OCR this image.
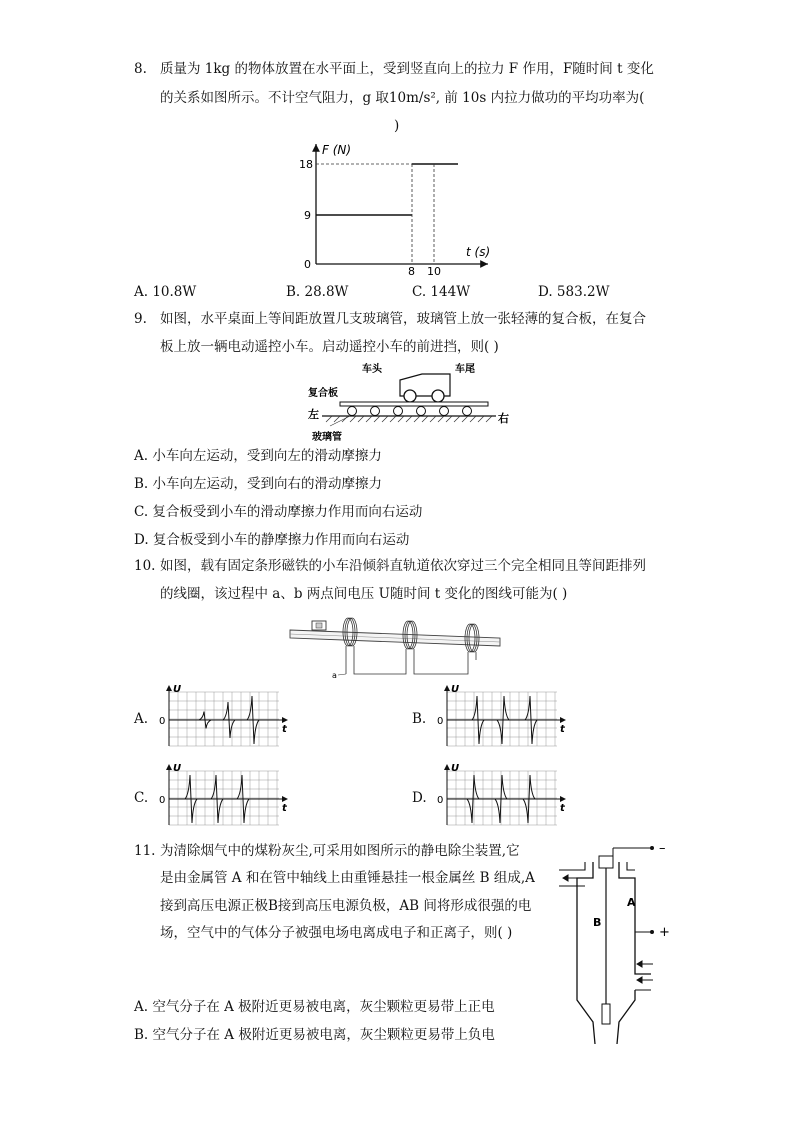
8. 质量为 1kg 的物体放置在水平面上，受到竖直向上的拉力 F 作用，F随时间 t 变化
的关系如图所示。不计空气阻力，g 取10m/s², 前 10s 内拉力做功的平均功率为(
)
F (N)
18
9
0
8 10
t (s)
A. 10.8W	B. 28.8W	C. 144W	D. 583.2W
9. 如图，水平桌面上等间距放置几支玻璃管，玻璃管上放一张轻薄的复合板，在复合
板上放一辆电动遥控小车。启动遥控小车的前进挡，则( )
车头	车尾
复合板
左	右
玻璃管
A. 小车向左运动，受到向左的滑动摩擦力
B. 小车向左运动，受到向右的滑动摩擦力
C. 复合板受到小车的滑动摩擦力作用而向右运动
D. 复合板受到小车的静摩擦力作用而向右运动
10. 如图，载有固定条形磁铁的小车沿倾斜直轨道依次穿过三个完全相同且等间距排列
的线圈，该过程中 a、b 两点间电压 U随时间 t 变化的图线可能为( )
a
A.	B.
C.	D.
U
t
0
U
t
0
U
t
0
U
t
0
11. 为清除烟气中的煤粉灰尘,可采用如图所示的静电除尘装置,它
是由金属管 A 和在管中轴线上由重锤悬挂一根金属丝 B 组成,A
接到高压电源正极B接到高压电源负极，AB 间将形成很强的电
场，空气中的气体分子被强电场电离成电子和正离子，则( )
–
A
B
+
A. 空气分子在 A 极附近更易被电离，灰尘颗粒更易带上正电
B. 空气分子在 A 极附近更易被电离，灰尘颗粒更易带上负电
